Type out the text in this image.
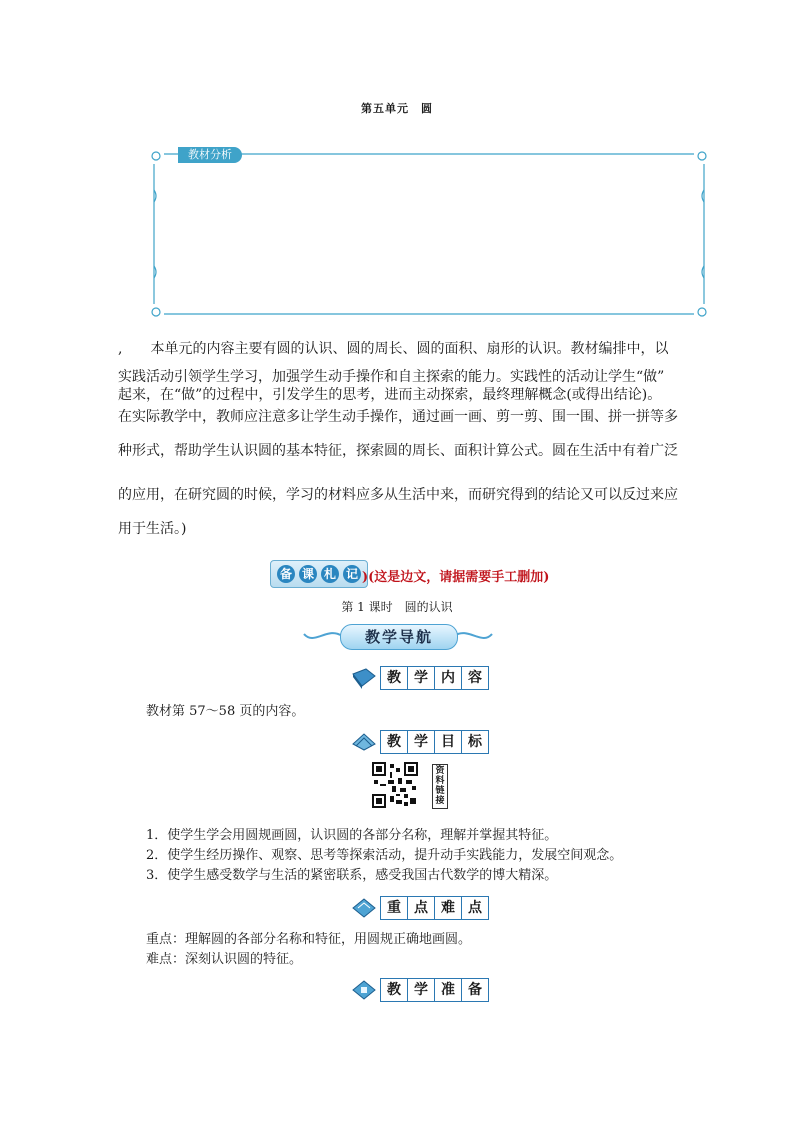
第五单元　圆
教材分析
,　　本单元的内容主要有圆的认识、圆的周长、圆的面积、扇形的认识。教材编排中，以
实践活动引领学生学习，加强学生动手操作和自主探索的能力。实践性的活动让学生“做”
起来，在“做”的过程中，引发学生的思考，进而主动探索，最终理解概念(或得出结论)。
在实际教学中，教师应注意多让学生动手操作，通过画一画、剪一剪、围一围、拼一拼等多
种形式，帮助学生认识圆的基本特征，探索圆的周长、面积计算公式。圆在生活中有着广泛
的应用，在研究圆的时候，学习的材料应多从生活中来，而研究得到的结论又可以反过来应
用于生活。)
备 课 札 记 )(这是边文，请据需要手工删加)
第 1 课时　圆的认识
教学导航
教 学 内 容
教材第 57～58 页的内容。
教 学 目 标
资料链接
1．使学生学会用圆规画圆，认识圆的各部分名称，理解并掌握其特征。
2．使学生经历操作、观察、思考等探索活动，提升动手实践能力，发展空间观念。
3．使学生感受数学与生活的紧密联系，感受我国古代数学的博大精深。
重 点 难 点
重点：理解圆的各部分名称和特征，用圆规正确地画圆。
难点：深刻认识圆的特征。
教 学 准 备
